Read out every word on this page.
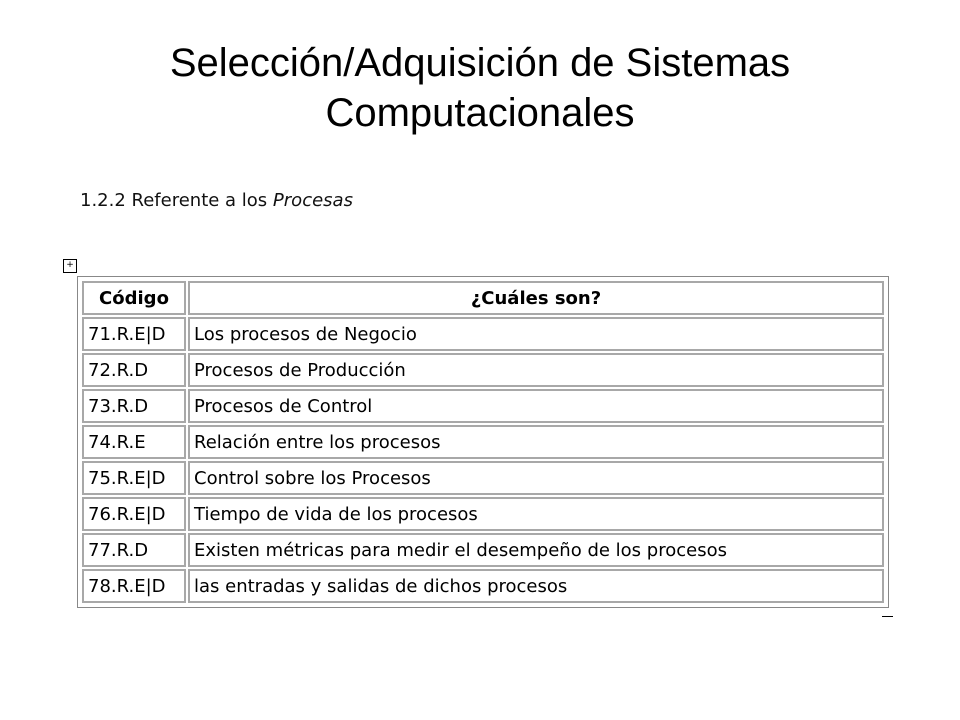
Selección/Adquisición de Sistemas
Computacionales
1.2.2 Referente a los Procesas
+
Código	¿Cuáles son?
71.R.E|D	Los procesos de Negocio
72.R.D	Procesos de Producción
73.R.D	Procesos de Control
74.R.E	Relación entre los procesos
75.R.E|D	Control sobre los Procesos
76.R.E|D	Tiempo de vida de los procesos
77.R.D	Existen métricas para medir el desempeño de los procesos
78.R.E|D	las entradas y salidas de dichos procesos
